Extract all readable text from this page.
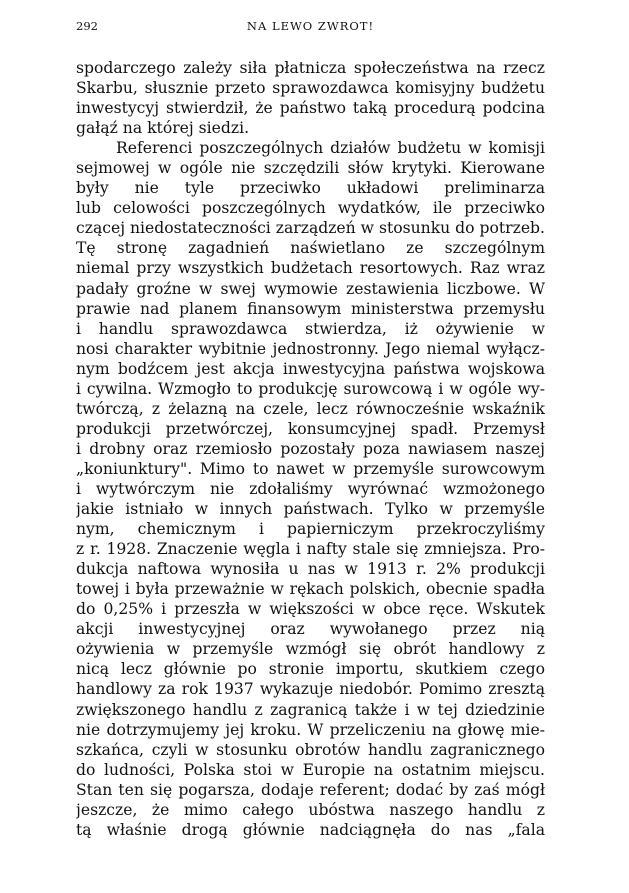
292	NA LEWO ZWROT!
spodarczego zależy siła płatnicza społeczeństwa na rzecz
Skarbu, słusznie przeto sprawozdawca komisyjny budżetu
inwestycyj stwierdził, że państwo taką procedurą podcina
gałąź na której siedzi.
Referenci poszczególnych działów budżetu w komisji
sejmowej w ogóle nie szczędzili słów krytyki. Kierowane
były nie tyle przeciwko układowi preliminarza
lub celowości poszczególnych wydatków, ile przeciwko
czącej niedostateczności zarządzeń w stosunku do potrzeb.
Tę stronę zagadnień naświetlano ze szczególnym
niemal przy wszystkich budżetach resortowych. Raz wraz
padały groźne w swej wymowie zestawienia liczbowe. W
prawie nad planem finansowym ministerstwa przemysłu
i handlu sprawozdawca stwierdza, iż ożywienie w
nosi charakter wybitnie jednostronny. Jego niemal wyłącz-
nym bodźcem jest akcja inwestycyjna państwa wojskowa
i cywilna. Wzmogło to produkcję surowcową i w ogóle wy-
twórczą, z żelazną na czele, lecz równocześnie wskaźnik
produkcji przetwórczej, konsumcyjnej spadł. Przemysł
i drobny oraz rzemiosło pozostały poza nawiasem naszej
„koniunktury". Mimo to nawet w przemyśle surowcowym
i wytwórczym nie zdołaliśmy wyrównać wzmożonego
jakie istniało w innych państwach. Tylko w przemyśle
nym, chemicznym i papierniczym przekroczyliśmy
z r. 1928. Znaczenie węgla i nafty stale się zmniejsza. Pro-
dukcja naftowa wynosiła u nas w 1913 r. 2% produkcji
towej i była przeważnie w rękach polskich, obecnie spadła
do 0,25% i przeszła w większości w obce ręce. Wskutek
akcji inwestycyjnej oraz wywołanego przez nią
ożywienia w przemyśle wzmógł się obrót handlowy z
nicą lecz głównie po stronie importu, skutkiem czego
handlowy za rok 1937 wykazuje niedobór. Pomimo zresztą
zwiększonego handlu z zagranicą także i w tej dziedzinie
nie dotrzymujemy jej kroku. W przeliczeniu na głowę mie-
szkańca, czyli w stosunku obrotów handlu zagranicznego
do ludności, Polska stoi w Europie na ostatnim miejscu.
Stan ten się pogarsza, dodaje referent; dodać by zaś mógł
jeszcze, że mimo całego ubóstwa naszego handlu z
tą właśnie drogą głównie nadciągnęła do nas „fala
